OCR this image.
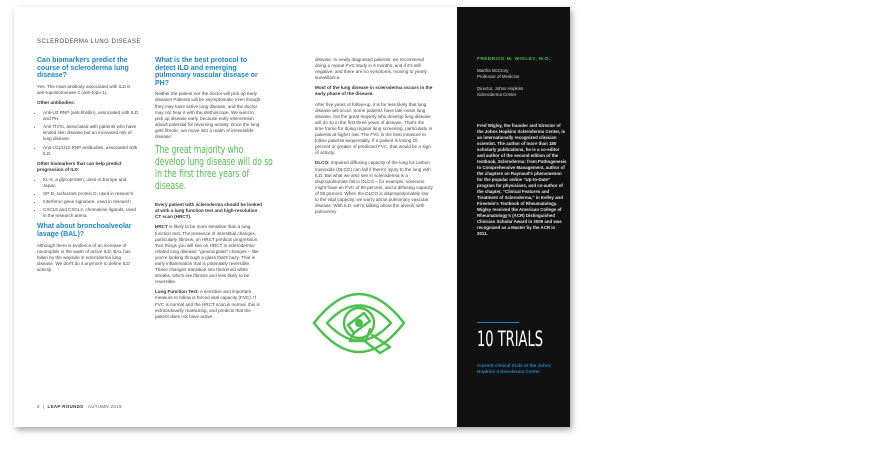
SCLERODERMA LUNG DISEASE
Can biomarkers predict the course of scleroderma lung disease?

Yes. The main antibody associated with ILD is anti-topoisomerase-1 (anti-topo-1).

Other antibodies:

• Anti-U3 RNP (anti-fibrillin), associated with ILD and PH.
• Anti-Th/To, associated with patients who have limited skin disease but an increased risk of lung disease.
• Anti-U11/U12 RNP antibodies, associated with ILD.

Other biomarkers that can help predict progression of ILD:

• KL-6, a glycoprotein, used in Europe and Japan
• SP-D, surfactant protein D, used in research
• Interferon gene signature, used in research
• CXCL8 and CXCL4, chemokine ligands, used in the research arena.
What about bronchoalveolar lavage (BAL)?

Although there is evidence of an increase of neutrophils in the wash of active ILD, BAL has fallen by the wayside in scleroderma lung disease. We don't do it anymore to define ILD activity.

What is the best protocol to detect ILD and emerging pulmonary vascular disease or PH?

Neither the patient nor the doctor will pick up early disease! Patients will be asymptomatic even though they may have active lung disease, and the doctor may not hear it with the stethoscope. We want to pick up disease early, because early intervention allows potential for reversing activity. Once the lung gets fibrotic, we move into a realm of irreversible disease.

The great majority who develop lung disease will do so in the first three years of disease.

Every patient with scleroderma should be looked at with a lung function test and high-resolution CT scan (HRCT).

HRCT is likely to be more sensitive than a lung function test. The presence of interstitial changes, particularly fibrosis, on HRCT predicts progression. Two things you will see on HRCT in scleroderma-related lung disease: “ground glass” changes – like you're looking through a glass that's hazy. That is early inflammation that is potentially reversible. These changes transition into thickened white streaks, which are fibrosis and less likely to be reversible.

Lung Function Test: A sensitive and important measure to follow is forced vital capacity (FVC). If FVC is normal and the HRCT scan is normal, this is extraordinarily reassuring, and predicts that the patient does not have active

disease. In newly diagnosed patients, we recommend doing a repeat FVC study in 6 months, and if it's still negative, and there are no symptoms, moving to yearly surveillance.

Most of the lung disease in scleroderma occurs in the early phase of the disease.

After five years of follow-up, it is far less likely that lung disease will occur. Some patients have late-onset lung disease, but the great majority who develop lung disease will do so in the first three years of disease. That's the time frame for doing regular lung screening, particularly in patients at higher risk. The FVC is the best measure to follow patients sequentially. If a patient is losing 10 percent or greater of predicted FVC, that would be a sign of activity.

DLCO: Impaired diffusing capacity of the lung for carbon monoxide (DLCO) can fall if there's injury to the lung with ILD. But what we also see in scleroderma is a disproportionate fall in DLCO – for example, someone might have an FVC of 90 percent, and a diffusing capacity of 50 percent. When the DLCO is disproportionately low to the vital capacity, we worry about pulmonary vascular disease. With ILD, we're talking about the alveoli; with pulmonary

2  |  LEAP ROUNDS AUTUMN 2019
FREDRICK M. WIGLEY, M.D.
Martha McCrory
Professor of Medicine
Director, Johns Hopkins
Scleroderma Center

Fred Wigley, the founder and Director of the Johns Hopkins Scleroderma Center, is an internationally recognized clinician scientist. The author of more than 180 scholarly publications, he is a co-editor and author of the second edition of the textbook, Scleroderma: from Pathogenesis to Comprehensive Management, author of the chapters on Raynaud's phenomenon for the popular online “Up-to-Date” program for physicians, and co-author of the chapter, “Clinical Features and Treatment of Scleroderma,” in Kelley and Firestein's Textbook of Rheumatology. Wigley received the American College of Rheumatology's (ACR) Distinguished Clinician Scholar Award in 2009 and was recognized as a Master by the ACR in 2011.

10 TRIALS
Current clinical trials at the Johns Hopkins Scleroderma Center
